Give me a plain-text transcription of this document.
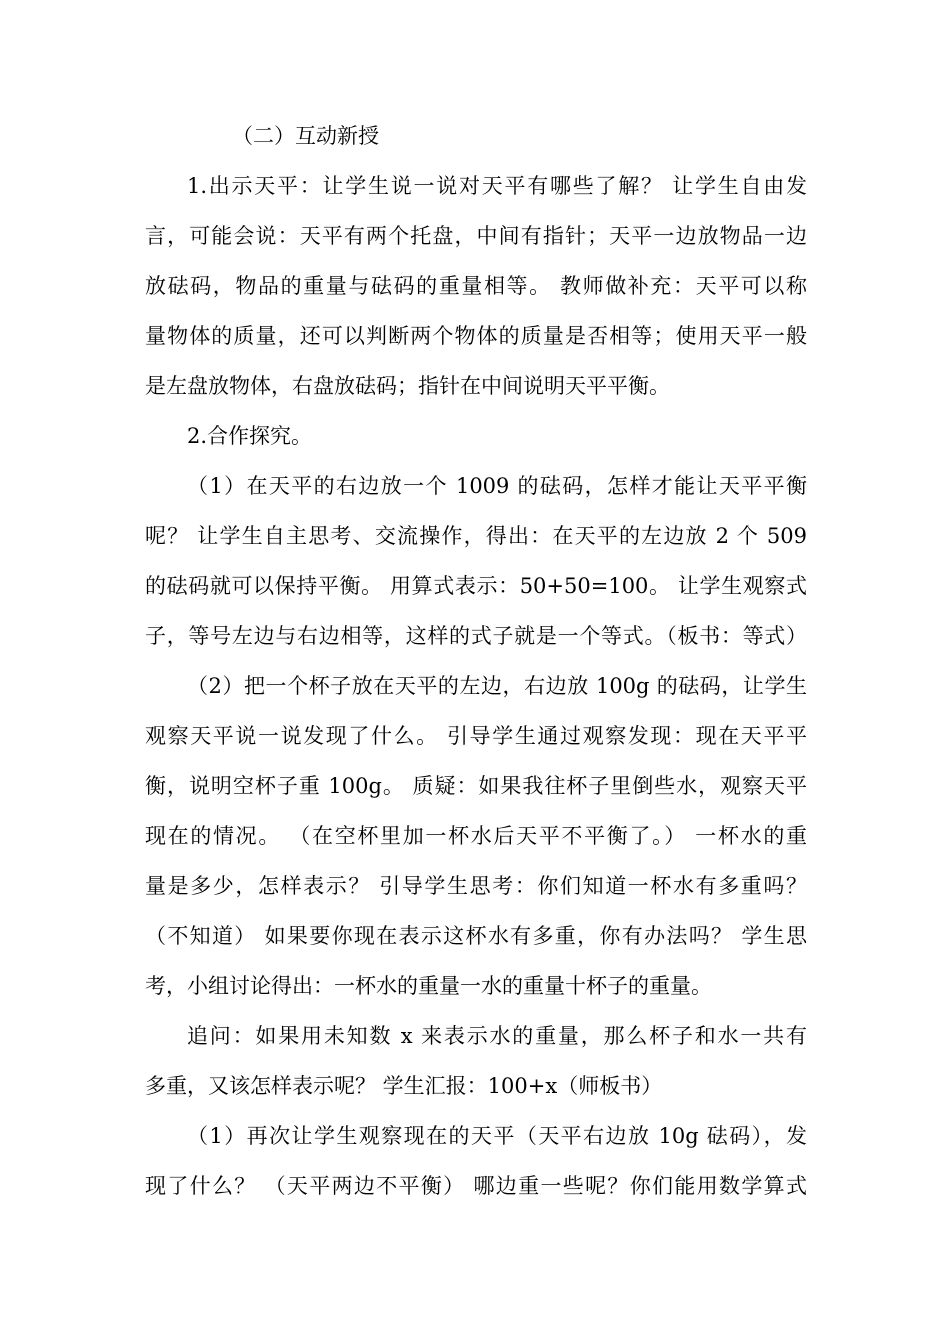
（二）互动新授
1.出示天平：让学生说一说对天平有哪些了解？ 让学生自由发
言，可能会说：天平有两个托盘，中间有指针；天平一边放物品一边
放砝码，物品的重量与砝码的重量相等。 教师做补充：天平可以称
量物体的质量，还可以判断两个物体的质量是否相等；使用天平一般
是左盘放物体，右盘放砝码；指针在中间说明天平平衡。
2.合作探究。
（1）在天平的右边放一个 1009 的砝码，怎样才能让天平平衡
呢？ 让学生自主思考、交流操作，得出：在天平的左边放 2 个 509
的砝码就可以保持平衡。 用算式表示：50+50=100。 让学生观察式
子，等号左边与右边相等，这样的式子就是一个等式。（板书：等式）
（2）把一个杯子放在天平的左边，右边放 100g 的砝码，让学生
观察天平说一说发现了什么。 引导学生通过观察发现：现在天平平
衡，说明空杯子重 100g。 质疑：如果我往杯子里倒些水，观察天平
现在的情况。 （在空杯里加一杯水后天平不平衡了。） 一杯水的重
量是多少，怎样表示？ 引导学生思考：你们知道一杯水有多重吗？
（不知道） 如果要你现在表示这杯水有多重，你有办法吗？ 学生思
考，小组讨论得出：一杯水的重量一水的重量十杯子的重量。
追问：如果用未知数 x 来表示水的重量，那么杯子和水一共有
多重，又该怎样表示呢？ 学生汇报：100+x（师板书）
（1）再次让学生观察现在的天平（天平右边放 10g 砝码），发
现了什么？ （天平两边不平衡） 哪边重一些呢？你们能用数学算式
